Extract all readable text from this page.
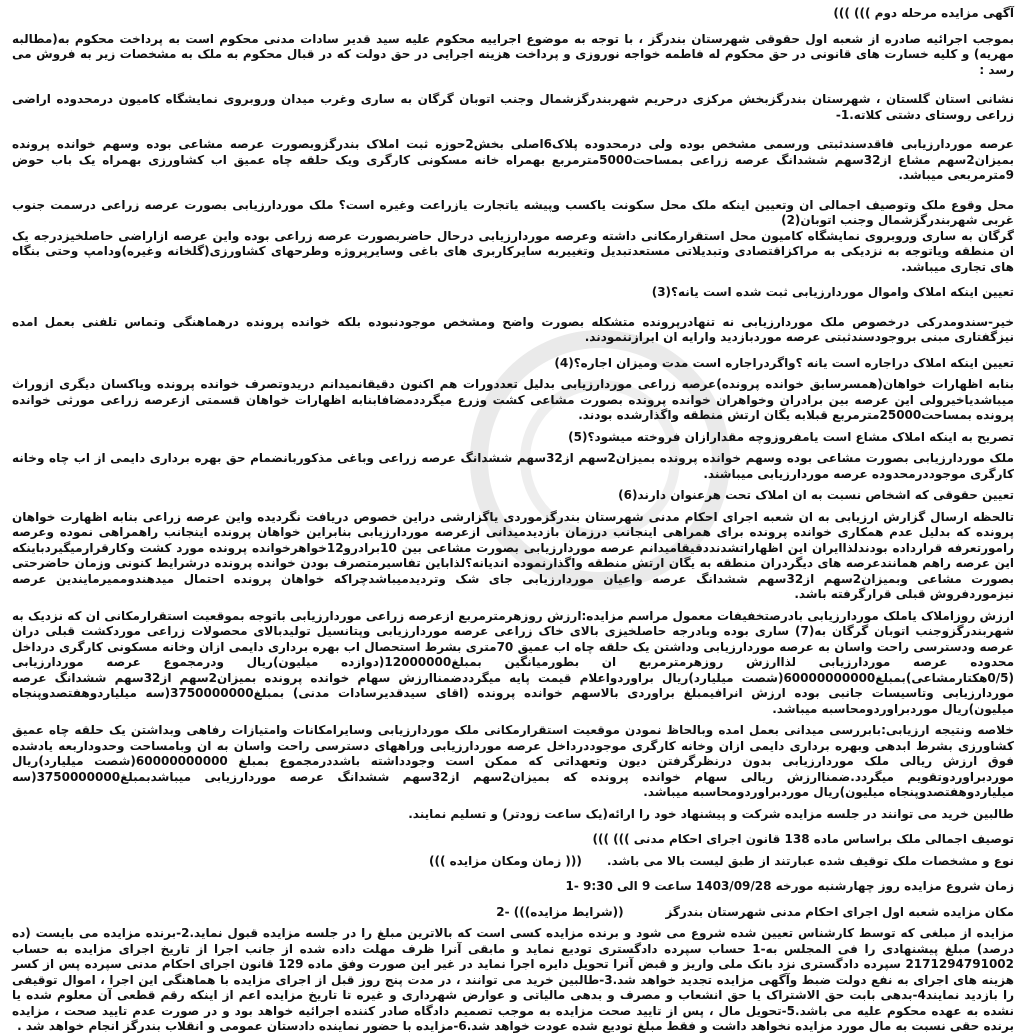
آگهی مزایده مرحله دوم ))) )))

بموجب اجرائیه صادره از شعبه اول حقوقی شهرستان بندرگز ، با توجه به موضوع اجراییه محکوم علیه سید قدیر سادات مدنی محکوم است به پرداخت محکوم به(مطالبه مهریه) و کلیه خسارت های قانونی در حق محکوم له فاطمه خواجه نوروزی و پرداخت هزینه اجرایی در حق دولت که در قبال محکوم به ملک به مشخصات زیر به فروش می رسد :

نشانی استان گلستان ، شهرستان بندرگزبخش مرکزی درحریم شهربندرگزشمال وجنب اتوبان گرگان به ساری وغرب میدان وروبروی نمایشگاه کامیون درمحدوده اراضی زراعی روستای دشتی کلاته.1-

عرصه موردارزیابی فاقدسندثبتی ورسمی مشخص بوده ولی درمحدوده پلاک6اصلی بخش2حوزه ثبت املاک بندرگزوبصورت عرصه مشاعی بوده وسهم خوانده پرونده بمیزان2سهم مشاع از32سهم ششدانگ عرصه زراعی بمساحت5000مترمربع بهمراه خانه مسکونی کارگری ویک حلقه چاه عمیق اب کشاورزی بهمراه یک باب حوض 9مترمربعی میباشد.

محل وقوع ملک وتوصیف اجمالی ان وتعیین اینکه ملک محل سکونت یاکسب وپیشه یاتجارت یازراعت وغیره است؟ ملک موردارزیابی بصورت عرصه زراعی درسمت جنوب غربی شهربندرگزشمال وجنب اتوبان(2)

گرگان به ساری وروبروی نمایشگاه کامیون محل استقرارمکانی داشته وعرصه موردارزیابی درحال حاضربصورت عرصه زراعی بوده واین عرصه ازاراضی حاصلخیزدرجه یک ان منطقه ویاتوجه به نزدیکی به مراکزاقتصادی وتبدیلاتی مستعدتبدیل وتغییربه سایرکاربری های باغی وسایرپروژه وطرحهای کشاورزی(گلخانه وغیره)ودامپ وحتی بنگاه های تجاری میباشد.

تعیین اینکه املاک واموال موردارزیابی ثبت شده است یانه؟(3)

خیر-سندومدرکی درخصوص ملک موردارزیابی نه تنهادرپرونده متشکله بصورت واضح ومشخص موجودنبوده بلکه خوانده پرونده درهماهنگی وتماس تلفنی بعمل امده نیزگفتاری مبنی بروجودسندثبتی عرصه موردبازدید وارایه ان ابرازننمودند.

تعیین اینکه املاک دراجاره است یانه ؟واگردراجاره است مدت ومیزان اجاره؟(4)

بنابه اظهارات خواهان(همسرسابق خوانده پرونده)عرصه زراعی موردارزیابی بدلیل تعددورات هم اکنون دقیقانمیدانم دریدوتصرف خوانده پرونده ویاکسان دیگری ازوراث میباشدیاخیرولی این عرصه بین برادران وخواهران خوانده پرونده بصورت مشاعی کشت وزرع میگرددمضافابنابه اظهارات خواهان قسمتی ازعرصه زراعی مورثی خوانده پرونده بمساحت25000مترمربع قبلابه یگان ارتش منطقه واگذارشده بودند.

تصریح به اینکه املاک مشاع است یامفروزوچه مقدارازان فروخته میشود؟(5)

ملک موردارزیابی بصورت مشاعی بوده وسهم خوانده پرونده بمیزان2سهم از32سهم ششدانگ عرصه زراعی وباغی مذکوربانضمام حق بهره برداری دایمی از اب چاه وخانه کارگری موجوددرمحدوده عرصه موردارزیابی میباشند.

تعیین حقوقی که اشخاص نسبت به ان املاک تحت هرعنوان دارند(6)

تالحظه ارسال گزارش ارزیابی به ان شعبه اجرای احکام مدنی شهرستان بندرگزموردی یاگزارشی دراین خصوص دریافت نگردیده واین عرصه زراعی بنابه اظهارت خواهان پرونده که بدلیل عدم همکاری خوانده پرونده برای همراهی اینجانب درزمان بازدیدمیدانی ازعرصه موردارزیابی بنابراین خواهان پرونده اینجانب راهمراهی نموده وعرصه رامورتعرفه قرارداده بودندلذاایران این اظهاراتشدنددقیقامیدانم عرصه موردارزیابی بصورت مشاعی بین 10برادرو12خواهرخوانده پرونده مورد کشت وکارقرارمیگیردباینکه این عرصه راهم همانندعرصه های دیگردران منطقه به یگان ارتش منطقه واگذارنموده اندیانه؟لذاباین تفاسیرمتصرف بودن خوانده پرونده درشرایط کنونی وزمان حاضرحتی بصورت مشاعی وبمیزان2سهم از32سهم ششدانگ عرصه واعیان موردارزیابی جای شک وتردیدمیباشدچراکه خواهان پرونده احتمال میدهندوممیرمایندین عرصه نیزموردفروش قبلی قرارگرفته باشد.

ارزش روزاملاک یاملک موردارزیابی بادرصتخفیفات معمول مراسم مزایده:ارزش روزهرمترمربع ازعرصه زراعی موردارزیابی باتوجه بموقعیت استقرارمکانی ان که نزدیک به شهربندرگزوجنب اتوبان گرگان به(7) ساری بوده وبادرجه حاصلخیزی بالای خاک زراعی عرصه موردارزیابی وپتانسیل تولیدبالای محصولات زراعی موردکشت قبلی دران عرصه ودسترسی راحت واسان به عرصه موردارزیابی وداشتن یک حلقه چاه اب عمیق 70متری بشرط استحصال اب بهره برداری دایمی ازان وخانه مسکونی کارگری درداخل محدوده عرصه موردارزیابی لذاارزش روزهرمترمربع ان بطورمیانگین بمبلغ12000000(دوازده میلیون)ریال ودرمجموع عرصه موردارزیابی (0/5هکتارمشاعی)بمبلغ60000000000(شصت میلیارد)ریال براوردواعلام قیمت پایه میگرددضمناارزش سهام خوانده پرونده بمیزان2سهم از32سهم ششدانگ عرصه موردارزیابی وتاسیسات جانبی بوده ارزش انرافیمبلغ براوردی بالاسهم خوانده پرونده (اقای سیدقدیرسادات مدنی) بمبلغ3750000000(سه میلیاردوهفتصدوپنجاه میلیون)ریال موردبراوردومحاسبه میباشد.

خلاصه ونتیجه ارزیابی:بابررسی میدانی بعمل امده وبالحاظ نمودن موقعیت استقرارمکانی ملک موردارزیابی وسایرامکانات وامتیازات رفاهی وبداشتن یک حلقه چاه عمیق کشاورزی بشرط ابدهی وبهره برداری دایمی ازان وخانه کارگری موجوددرداخل عرصه موردارزیابی وراههای دسترسی راحت واسان به ان وبامساحت وحدوداربعه یادشده فوق ارزش ریالی ملک موردارزیابی بدون درنظرگرفتن دیون وتعهداتی که ممکن است وجودداشته باشددرمجموع بمبلغ 60000000000(شصت میلیارد)ریال موردبراوردوتقویم میگردد.ضمناارزش ریالی سهام خوانده پرونده که بمیزان2سهم از32سهم ششدانگ عرصه موردارزیابی میباشدبمبلغ3750000000(سه میلیاردوهفتصدوپنجاه میلیون)ریال موردبراوردومحاسبه میباشد.

طالبین خرید می توانند در جلسه مزایده شرکت و پیشنهاد خود را ارائه(یک ساعت زودتر) و تسلیم نمایند.

توصیف اجمالی ملک براساس ماده 138 قانون اجرای احکام مدنی ))) )))

نوع و مشخصات ملک توقیف شده عبارتند از طبق لیست بالا می باشد.      ((( زمان ومکان مزایده )))

زمان شروع مزایده روز چهارشنبه مورخه 1403/09/28 ساعت 9 الی 9:30 -1

مکان مزایده شعبه اول اجرای احکام مدنی شهرستان بندرگز          ((شرایط مزایده))) -2

مزایده از مبلغی که توسط کارشناس تعیین شده شروع می شود و برنده مزایده کسی است که بالاترین مبلغ را در جلسه مزایده قبول نماید.2-برنده مزایده می بایست (ده درصد) مبلغ پیشنهادی را فی المجلس به-1 حساب سپرده دادگستری تودیع نماید و مابقی آنرا ظرف مهلت داده شده از جانب اجرا از تاریخ اجرای مزایده به حساب 2171294791002 سپرده دادگستری نزد بانک ملی واریز و قبض آنرا تحویل دایره اجرا نماید در غیر این صورت وفق ماده 129 قانون اجرای احکام مدنی سپرده پس از کسر هزینه های اجرای به نفع دولت ضبط وآگهی مزایده تجدید خواهد شد.3-طالبین خرید می توانند ، در مدت پنج روز قبل از اجرای مزایده با هماهنگی این اجرا ، اموال توقیفی را بازدید نمایند4-بدهی بابت حق الاشتراک یا حق انشعاب و مصرف و بدهی مالیاتی و عوارض شهرداری و غیره تا تاریخ مزایده اعم از اینکه رقم قطعی آن معلوم شده یا نشده به عهده محکوم علیه می باشد.5-تحویل مال ، پس از تایید صحت مزایده به موجب تصمیم دادگاه صادر کننده اجرائیه خواهد بود و در صورت عدم تایید صحت ، مزایده برنده حقی نسبت به مال مورد مزایده نخواهد داشت و فقط مبلغ تودیع شده عودت خواهد شد.6-مزایده با حضور نماینده دادستان عمومی و انقلاب بندرگز انجام خواهد شد .
